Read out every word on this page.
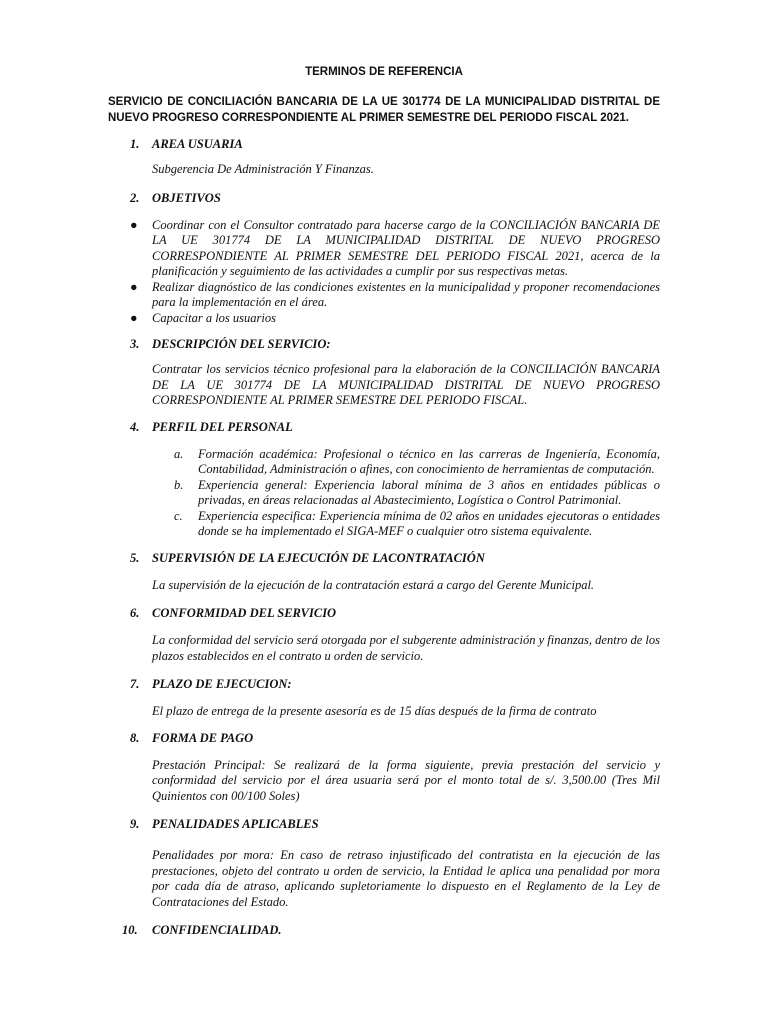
TERMINOS DE REFERENCIA
SERVICIO DE CONCILIACIÓN BANCARIA DE LA UE 301774 DE LA MUNICIPALIDAD DISTRITAL DE NUEVO PROGRESO CORRESPONDIENTE AL PRIMER SEMESTRE DEL PERIODO FISCAL 2021.
1.	AREA USUARIA
Subgerencia De Administración Y Finanzas.
2.	OBJETIVOS
●	Coordinar con el Consultor contratado para hacerse cargo de la CONCILIACIÓN BANCARIA DE LA UE 301774 DE LA MUNICIPALIDAD DISTRITAL DE NUEVO PROGRESO CORRESPONDIENTE AL PRIMER SEMESTRE DEL PERIODO FISCAL 2021, acerca de la planificación y seguimiento de las actividades a cumplir por sus respectivas metas.
●	Realizar diagnóstico de las condiciones existentes en la municipalidad y proponer recomendaciones para la implementación en el área.
●	Capacitar a los usuarios
3.	DESCRIPCIÓN DEL SERVICIO:
Contratar los servicios técnico profesional para la elaboración de la CONCILIACIÓN BANCARIA DE LA UE 301774 DE LA MUNICIPALIDAD DISTRITAL DE NUEVO PROGRESO CORRESPONDIENTE AL PRIMER SEMESTRE DEL PERIODO FISCAL.
4.	PERFIL DEL PERSONAL
a.	Formación académica: Profesional o técnico en las carreras de Ingeniería, Economía, Contabilidad, Administración o afines, con conocimiento de herramientas de computación.
b.	Experiencia general: Experiencia laboral mínima de 3 años en entidades públicas o privadas, en áreas relacionadas al Abastecimiento, Logística o Control Patrimonial.
c.	Experiencia especifica: Experiencia mínima de 02 años en unidades ejecutoras o entidades donde se ha implementado el SIGA-MEF o cualquier otro sistema equivalente.
5.	SUPERVISIÓN DE LA EJECUCIÓN DE LACONTRATACIÓN
La supervisión de la ejecución de la contratación estará a cargo del Gerente Municipal.
6.	CONFORMIDAD DEL SERVICIO
La conformidad del servicio será otorgada por el subgerente administración y finanzas, dentro de los plazos establecidos en el contrato u orden de servicio.
7.	PLAZO DE EJECUCION:
El plazo de entrega de la presente asesoría es de 15 días después de la firma de contrato
8.	FORMA DE PAGO
Prestación Principal: Se realizará de la forma siguiente, previa prestación del servicio y conformidad del servicio por el área usuaria será por el monto total de s/. 3,500.00 (Tres Mil Quinientos con 00/100 Soles)
9.	PENALIDADES APLICABLES
Penalidades por mora: En caso de retraso injustificado del contratista en la ejecución de las prestaciones, objeto del contrato u orden de servicio, la Entidad le aplica una penalidad por mora por cada día de atraso, aplicando supletoriamente lo dispuesto en el Reglamento de la Ley de Contrataciones del Estado.
10.	CONFIDENCIALIDAD.
